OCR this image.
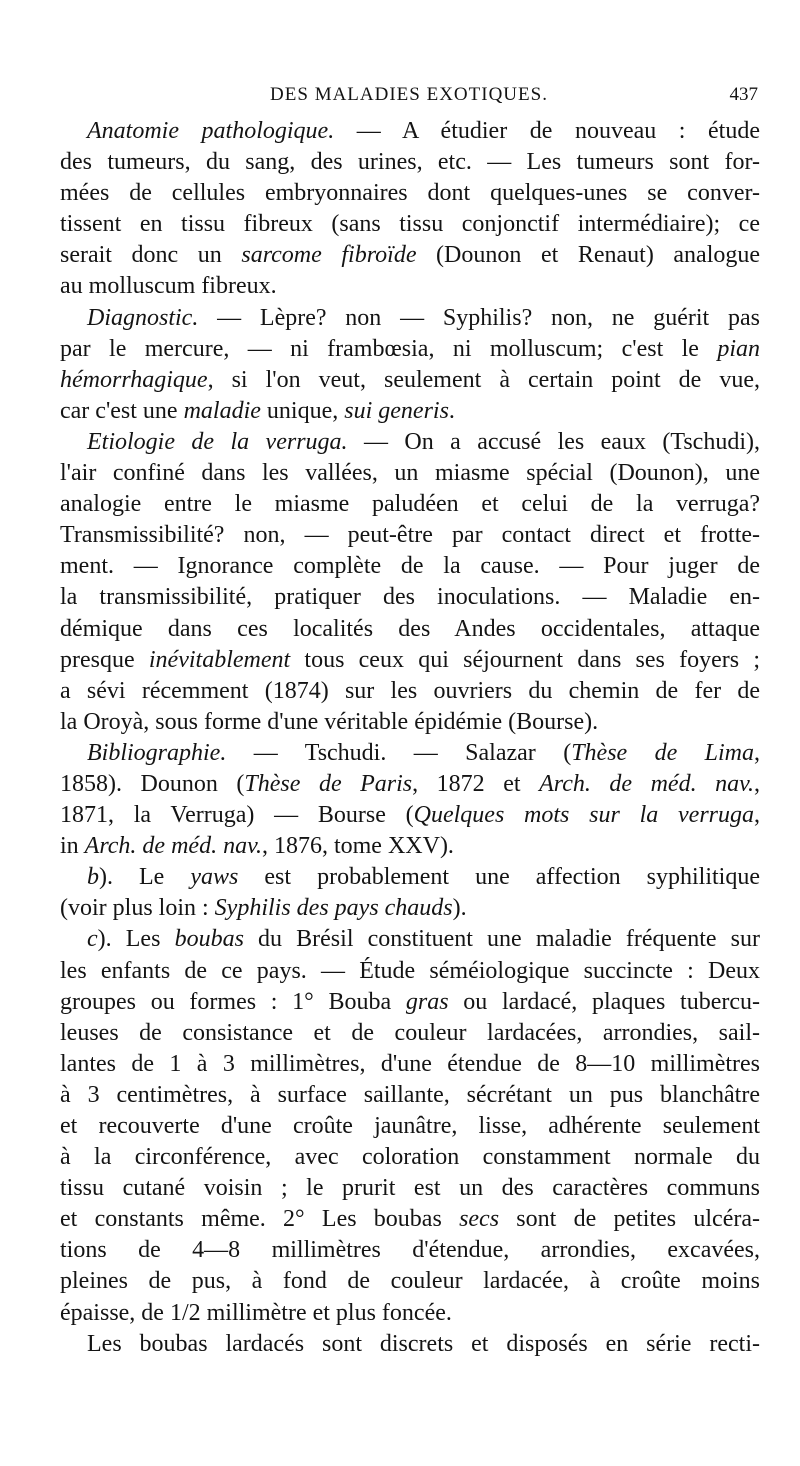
DES MALADIES EXOTIQUES.	437
Anatomie pathologique. — A étudier de nouveau : étude
des tumeurs, du sang, des urines, etc. — Les tumeurs sont for-
mées de cellules embryonnaires dont quelques-unes se conver-
tissent en tissu fibreux (sans tissu conjonctif intermédiaire); ce
serait donc un sarcome fibroïde (Dounon et Renaut) analogue
au molluscum fibreux.
Diagnostic. — Lèpre? non — Syphilis? non, ne guérit pas
par le mercure, — ni frambœsia, ni molluscum; c'est le pian
hémorrhagique, si l'on veut, seulement à certain point de vue,
car c'est une maladie unique, sui generis.
Etiologie de la verruga. — On a accusé les eaux (Tschudi),
l'air confiné dans les vallées, un miasme spécial (Dounon), une
analogie entre le miasme paludéen et celui de la verruga?
Transmissibilité? non, — peut-être par contact direct et frotte-
ment. — Ignorance complète de la cause. — Pour juger de
la transmissibilité, pratiquer des inoculations. — Maladie en-
démique dans ces localités des Andes occidentales, attaque
presque inévitablement tous ceux qui séjournent dans ses foyers ;
a sévi récemment (1874) sur les ouvriers du chemin de fer de
la Oroyà, sous forme d'une véritable épidémie (Bourse).
Bibliographie. — Tschudi. — Salazar (Thèse de Lima,
1858). Dounon (Thèse de Paris, 1872 et Arch. de méd. nav.,
1871, la Verruga) — Bourse (Quelques mots sur la verruga,
in Arch. de méd. nav., 1876, tome XXV).
b). Le yaws est probablement une affection syphilitique
(voir plus loin : Syphilis des pays chauds).
c). Les boubas du Brésil constituent une maladie fréquente sur
les enfants de ce pays. — Étude séméiologique succincte : Deux
groupes ou formes : 1° Bouba gras ou lardacé, plaques tubercu-
leuses de consistance et de couleur lardacées, arrondies, sail-
lantes de 1 à 3 millimètres, d'une étendue de 8—10 millimètres
à 3 centimètres, à surface saillante, sécrétant un pus blanchâtre
et recouverte d'une croûte jaunâtre, lisse, adhérente seulement
à la circonférence, avec coloration constamment normale du
tissu cutané voisin ; le prurit est un des caractères communs
et constants même. 2° Les boubas secs sont de petites ulcéra-
tions de 4—8 millimètres d'étendue, arrondies, excavées,
pleines de pus, à fond de couleur lardacée, à croûte moins
épaisse, de 1/2 millimètre et plus foncée.
Les boubas lardacés sont discrets et disposés en série recti-
